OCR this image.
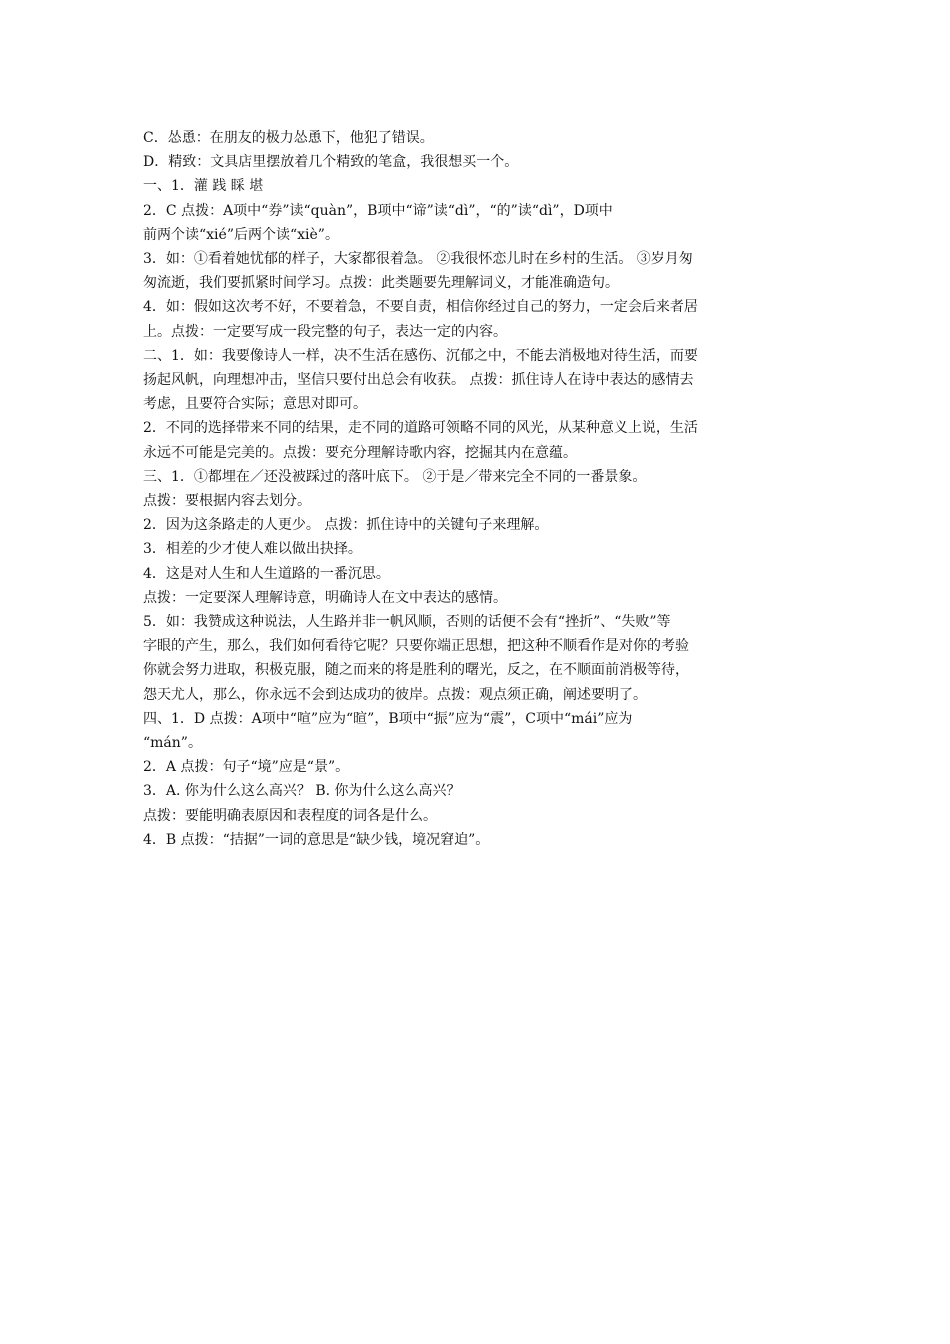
C．怂恿：在朋友的极力怂恿下，他犯了错误。

D．精致：文具店里摆放着几个精致的笔盒，我很想买一个。

一、1．灌 践 睬 堪

2．C 点拨：A项中“券”读“quàn”，B项中“谛”读“dì”，“的”读“dì”，D项中

前两个读“xié”后两个读“xiè”。

3．如：①看着她忧郁的样子，大家都很着急。 ②我很怀恋儿时在乡村的生活。 ③岁月匆

匆流逝，我们要抓紧时间学习。点拨：此类题要先理解词义，才能准确造句。

4．如：假如这次考不好，不要着急，不要自责，相信你经过自己的努力，一定会后来者居

上。点拨：一定要写成一段完整的句子，表达一定的内容。

二、1．如：我要像诗人一样，决不生活在感伤、沉郁之中，不能去消极地对待生活，而要

扬起风帆，向理想冲击，坚信只要付出总会有收获。 点拨：抓住诗人在诗中表达的感情去

考虑，且要符合实际；意思对即可。

2．不同的选择带来不同的结果，走不同的道路可领略不同的风光，从某种意义上说，生活

永远不可能是完美的。点拨：要充分理解诗歌内容，挖掘其内在意蕴。

三、1．①都埋在／还没被踩过的落叶底下。 ②于是／带来完全不同的一番景象。

点拨：要根据内容去划分。

2．因为这条路走的人更少。 点拨：抓住诗中的关键句子来理解。

3．相差的少才使人难以做出抉择。

4．这是对人生和人生道路的一番沉思。

点拨：一定要深人理解诗意，明确诗人在文中表达的感情。

5．如：我赞成这种说法，人生路并非一帆风顺，否则的话便不会有“挫折”、“失败”等

字眼的产生，那么，我们如何看待它呢？只要你端正思想，把这种不顺看作是对你的考验

你就会努力进取，积极克服，随之而来的将是胜利的曙光，反之，在不顺面前消极等待，

怨天尤人，那么，你永远不会到达成功的彼岸。点拨：观点须正确，阐述要明了。

四、1．D 点拨：A项中“喧”应为“暄”，B项中“振”应为“震”，C项中“mái”应为

“mán”。

2．A 点拨：句子“境”应是“景”。

3．A. 你为什么这么高兴？ B. 你为什么这么高兴？

点拨：要能明确表原因和表程度的词各是什么。

4．B 点拨：“拮据”一词的意思是“缺少钱，境况窘迫”。
